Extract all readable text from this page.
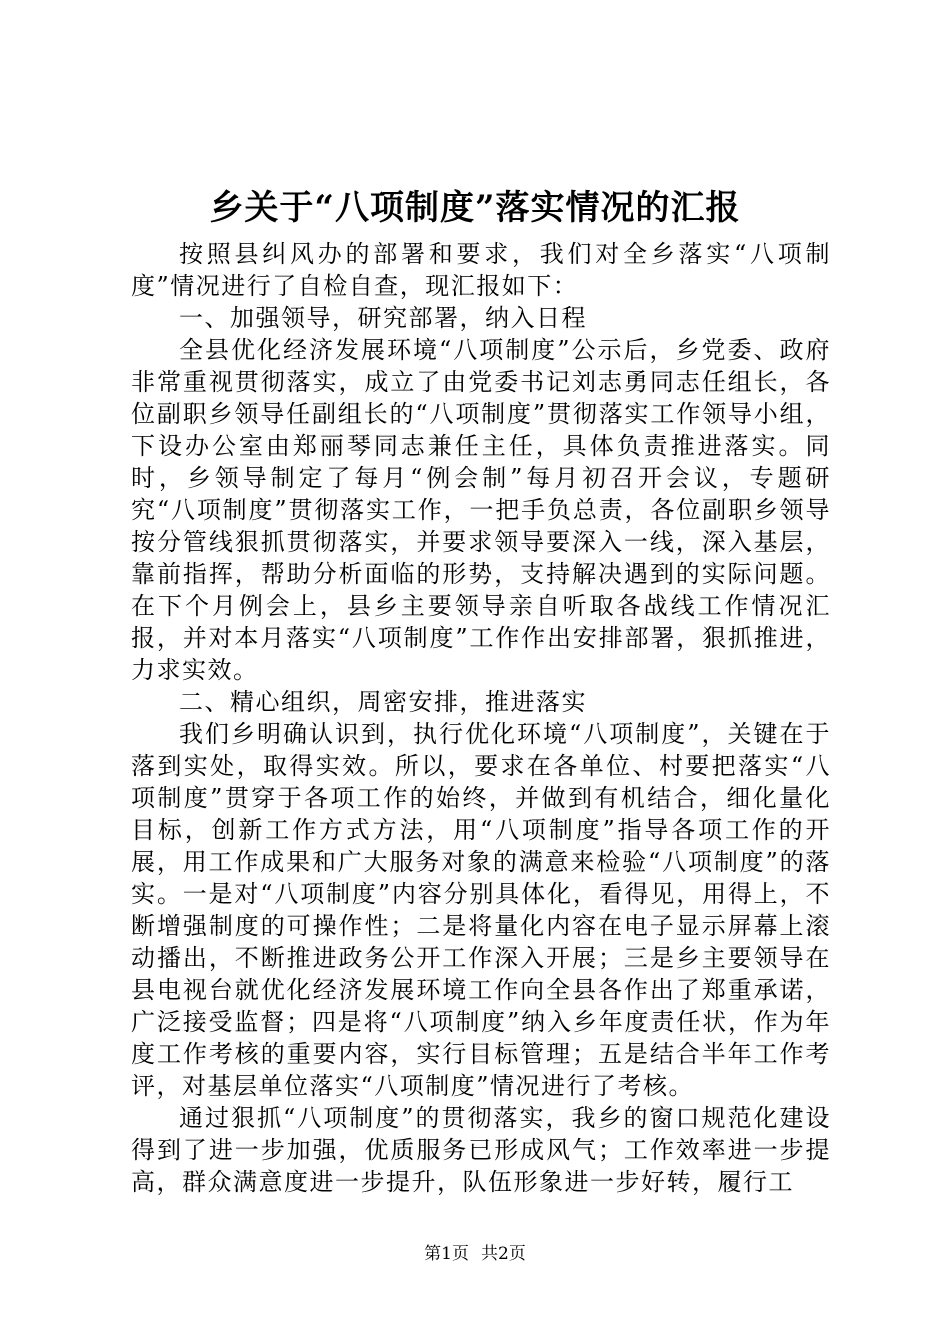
乡关于“八项制度”落实情况的汇报

按照县纠风办的部署和要求，我们对全乡落实“八项制度”情况进行了自检自查，现汇报如下：

一、加强领导，研究部署，纳入日程

全县优化经济发展环境“八项制度”公示后，乡党委、政府非常重视贯彻落实，成立了由党委书记刘志勇同志任组长，各位副职乡领导任副组长的“八项制度”贯彻落实工作领导小组，下设办公室由郑丽琴同志兼任主任，具体负责推进落实。同时，乡领导制定了每月“例会制”每月初召开会议，专题研究“八项制度”贯彻落实工作，一把手负总责，各位副职乡领导按分管线狠抓贯彻落实，并要求领导要深入一线，深入基层，靠前指挥，帮助分析面临的形势，支持解决遇到的实际问题。在下个月例会上，县乡主要领导亲自听取各战线工作情况汇报，并对本月落实“八项制度”工作作出安排部署，狠抓推进，力求实效。

二、精心组织，周密安排，推进落实

我们乡明确认识到，执行优化环境“八项制度”，关键在于落到实处，取得实效。所以，要求在各单位、村要把落实“八项制度”贯穿于各项工作的始终，并做到有机结合，细化量化目标，创新工作方式方法，用“八项制度”指导各项工作的开展，用工作成果和广大服务对象的满意来检验“八项制度”的落实。一是对“八项制度”内容分别具体化，看得见，用得上，不断增强制度的可操作性；二是将量化内容在电子显示屏幕上滚动播出，不断推进政务公开工作深入开展；三是乡主要领导在县电视台就优化经济发展环境工作向全县各作出了郑重承诺，广泛接受监督；四是将“八项制度”纳入乡年度责任状，作为年度工作考核的重要内容，实行目标管理；五是结合半年工作考评，对基层单位落实“八项制度”情况进行了考核。

通过狠抓“八项制度”的贯彻落实，我乡的窗口规范化建设得到了进一步加强，优质服务已形成风气；工作效率进一步提高，群众满意度进一步提升，队伍形象进一步好转，履行工

第1页 共2页
